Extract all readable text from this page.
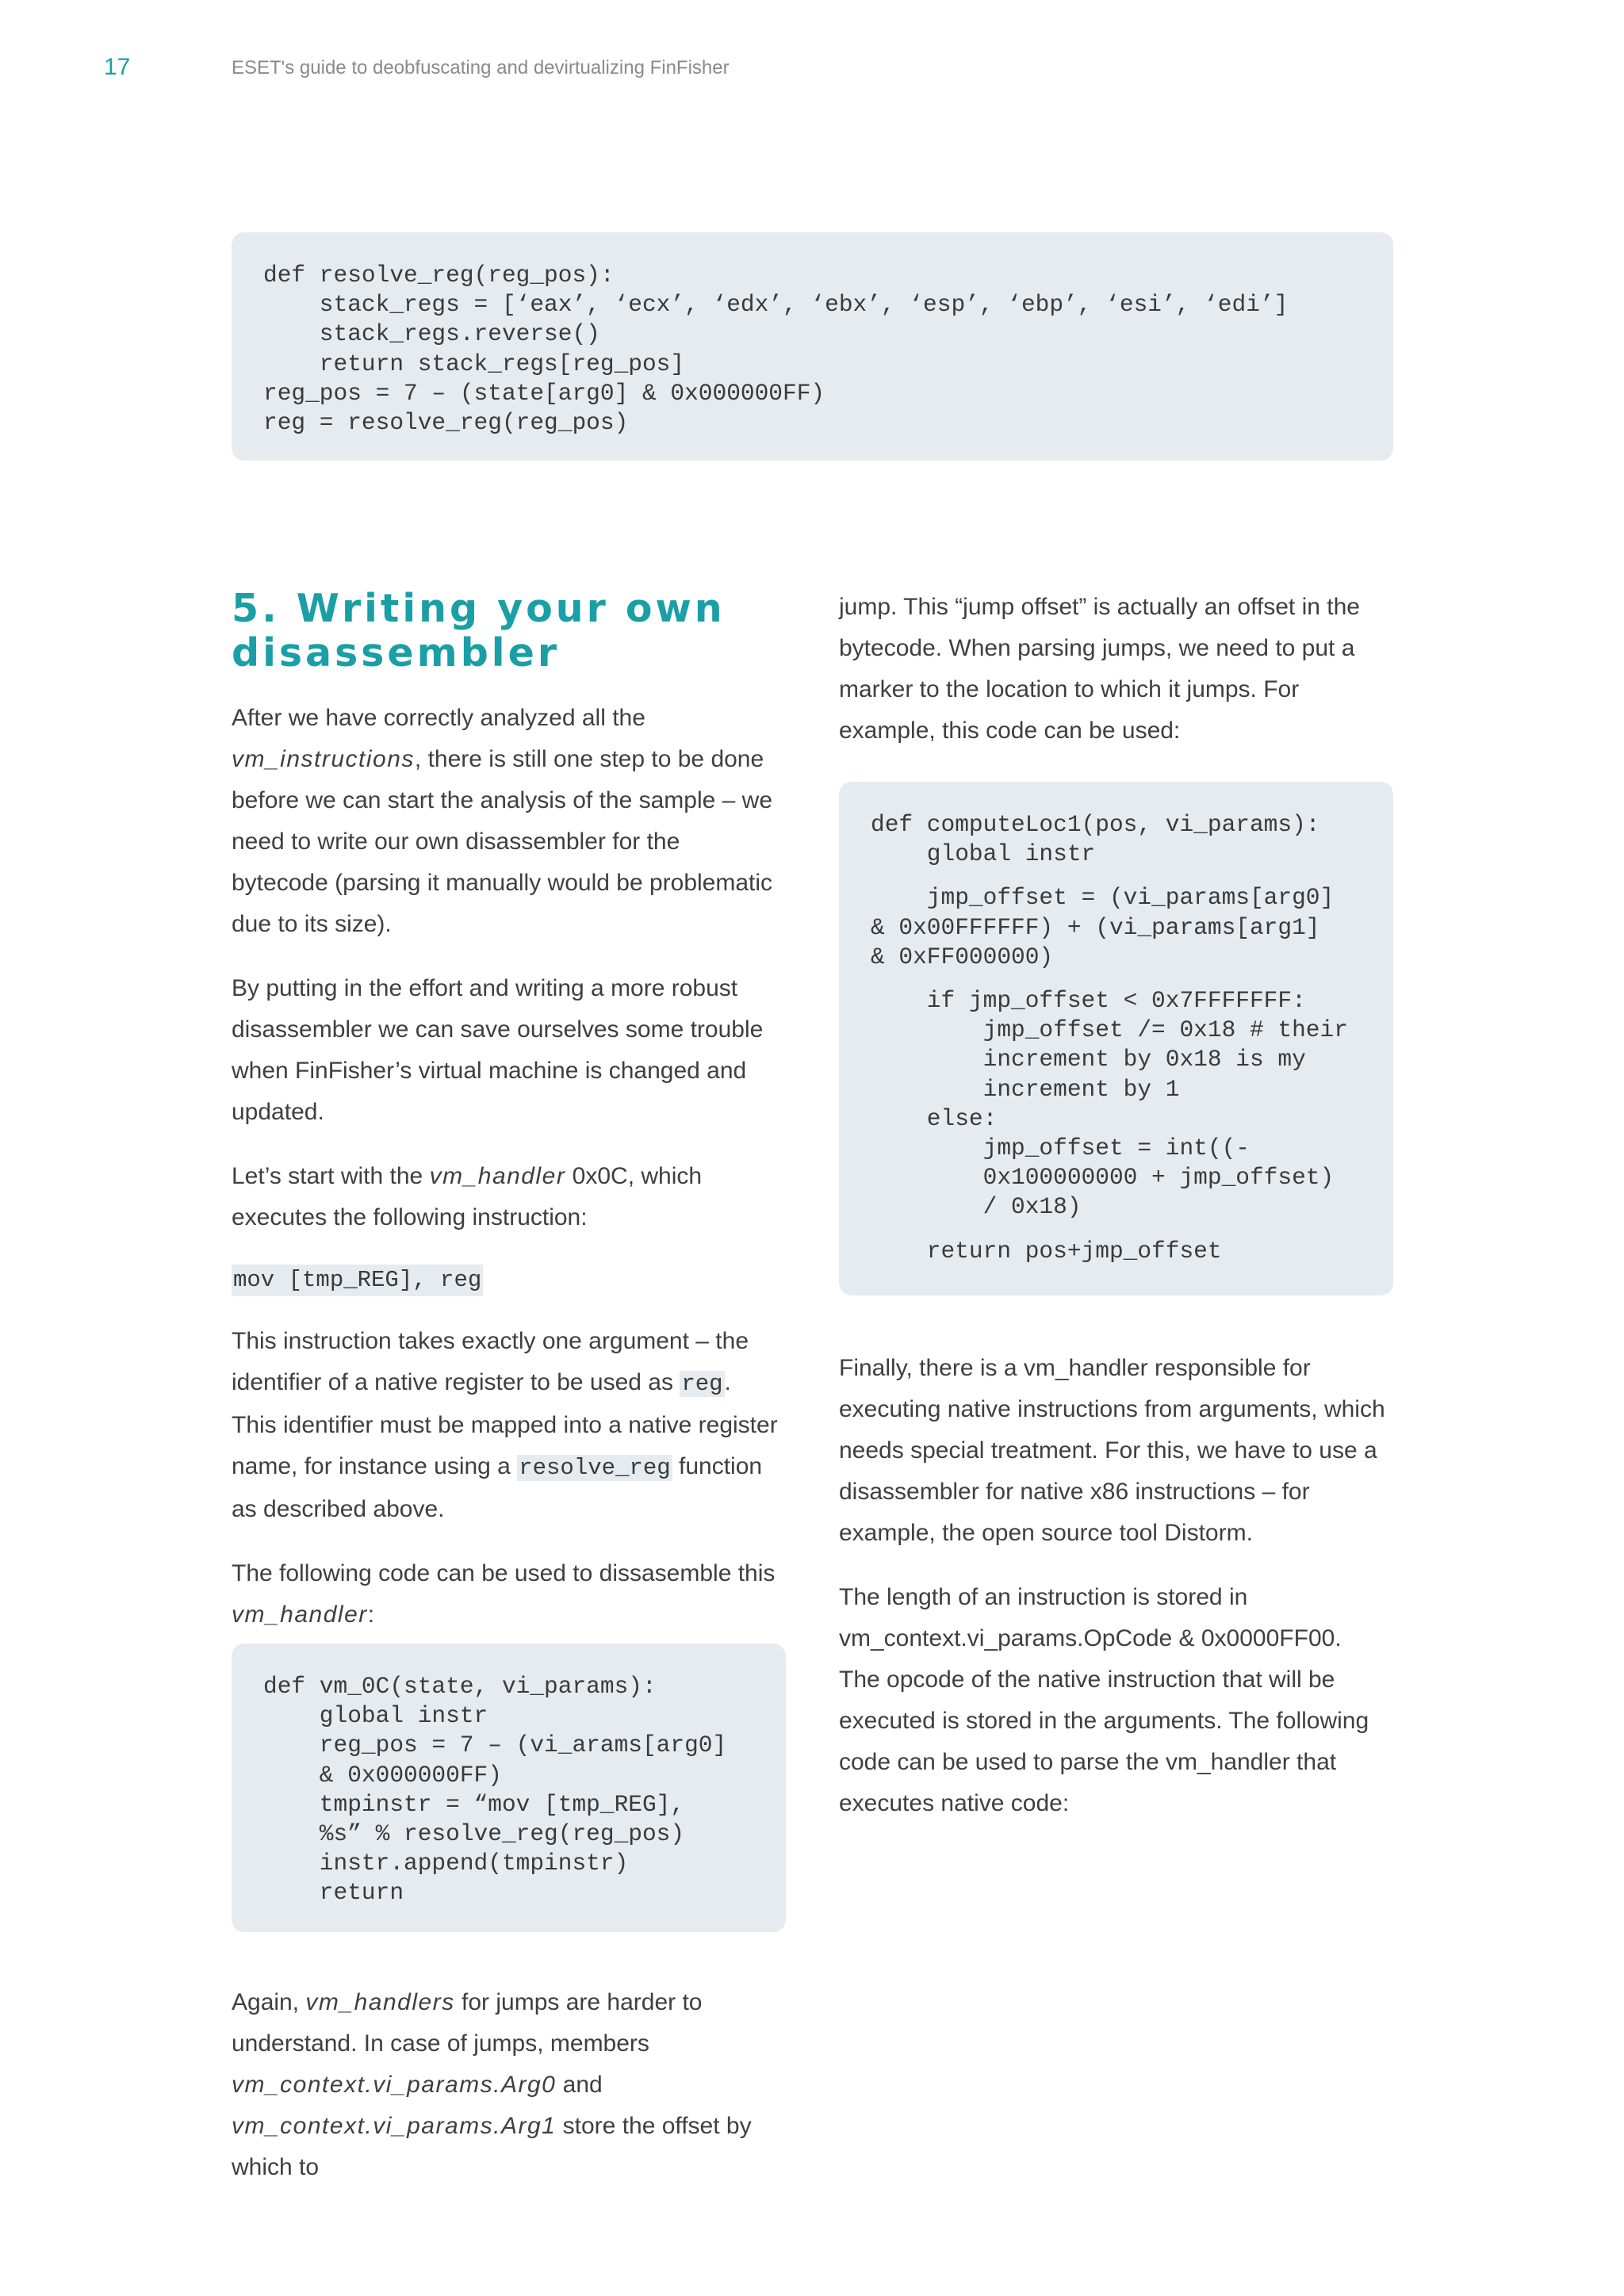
17	ESET's guide to deobfuscating and devirtualizing FinFisher
def resolve_reg(reg_pos):
stack_regs = [‘eax’, ‘ecx’, ‘edx’, ‘ebx’, ‘esp’, ‘ebp’, ‘esi’, ‘edi’]
stack_regs.reverse()
return stack_regs[reg_pos]
reg_pos = 7 – (state[arg0] & 0x000000FF)
reg = resolve_reg(reg_pos)
5. Writing your own disassembler

After we have correctly analyzed all the
vm_instructions, there is still one step to be done before we can start the analysis of the sample – we need to write our own disassembler for the bytecode (parsing it manually would be problematic due to its size).

By putting in the effort and writing a more robust disassembler we can save ourselves some trouble when FinFisher’s virtual machine is changed and updated.

Let’s start with the vm_handler 0x0C, which executes the following instruction:

mov [tmp_REG], reg

This instruction takes exactly one argument – the identifier of a native register to be used as reg. This identifier must be mapped into a native register name, for instance using a resolve_reg function as described above.

The following code can be used to dissasemble this vm_handler:

def vm_0C(state, vi_params):
global instr
reg_pos = 7 – (vi_arams[arg0]
& 0x000000FF)
tmpinstr = “mov [tmp_REG],
%s” % resolve_reg(reg_pos)
instr.append(tmpinstr)
return

Again, vm_handlers for jumps are harder to understand. In case of jumps, members vm_context.vi_params.Arg0 and vm_context.vi_params.Arg1 store the offset by which to

jump. This “jump offset” is actually an offset in the bytecode. When parsing jumps, we need to put a marker to the location to which it jumps. For example, this code can be used:

def computeLoc1(pos, vi_params):
global instr
jmp_offset = (vi_params[arg0]
& 0x00FFFFFF) + (vi_params[arg1]
& 0xFF000000)
if jmp_offset < 0x7FFFFFFF:
jmp_offset /= 0x18 # their
increment by 0x18 is my
increment by 1
else:
jmp_offset = int((-
0x100000000 + jmp_offset)
/ 0x18)
return pos+jmp_offset

Finally, there is a vm_handler responsible for executing native instructions from arguments, which needs special treatment. For this, we have to use a disassembler for native x86 instructions – for example, the open source tool Distorm.

The length of an instruction is stored in vm_context.vi_params.OpCode & 0x0000FF00. The opcode of the native instruction that will be executed is stored in the arguments. The following code can be used to parse the vm_handler that executes native code:
